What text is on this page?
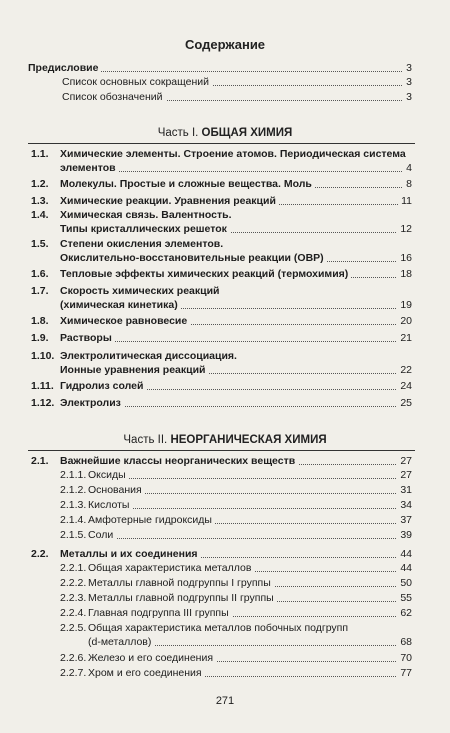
Содержание
Предисловие	3
Список основных сокращений	3
Список обозначений	3
Часть I. ОБЩАЯ ХИМИЯ
1.1. Химические элементы. Строение атомов. Периодическая система
элементов	4
1.2. Молекулы. Простые и сложные вещества. Моль	8
1.3. Химические реакции. Уравнения реакций	11
1.4. Химическая связь. Валентность.
Типы кристаллических решеток	12
1.5. Степени окисления элементов.
Окислительно-восстановительные реакции (ОВР)	16
1.6. Тепловые эффекты химических реакций (термохимия)	18
1.7. Скорость химических реакций
(химическая кинетика)	19
1.8. Химическое равновесие	20
1.9. Растворы	21
1.10. Электролитическая диссоциация.
Ионные уравнения реакций	22
1.11. Гидролиз солей	24
1.12. Электролиз	25
Часть II. НЕОРГАНИЧЕСКАЯ ХИМИЯ
2.1. Важнейшие классы неорганических веществ	27
2.1.1. Оксиды	27
2.1.2. Основания	31
2.1.3. Кислоты	34
2.1.4. Амфотерные гидроксиды	37
2.1.5. Соли	39
2.2. Металлы и их соединения	44
2.2.1. Общая характеристика металлов	44
2.2.2. Металлы главной подгруппы I группы	50
2.2.3. Металлы главной подгруппы II группы	55
2.2.4. Главная подгруппа III группы	62
2.2.5. Общая характеристика металлов побочных подгрупп
(d-металлов)	68
2.2.6. Железо и его соединения	70
2.2.7. Хром и его соединения	77
271
